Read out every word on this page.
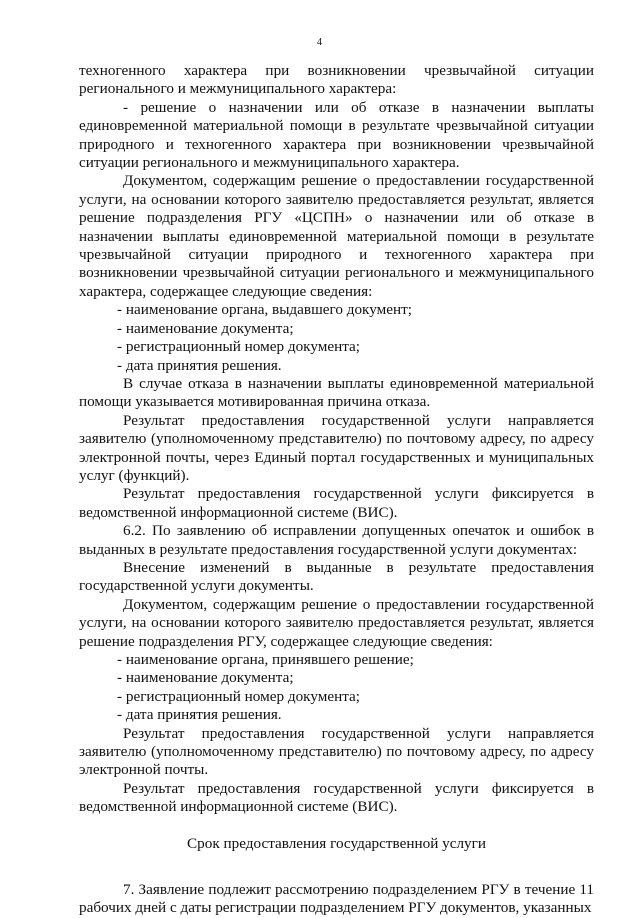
4

техногенного характера при возникновении чрезвычайной ситуации регионального и межмуниципального характера:

- решение о назначении или об отказе в назначении выплаты единовременной материальной помощи в результате чрезвычайной ситуации природного и техногенного характера при возникновении чрезвычайной ситуации регионального и межмуниципального характера.

Документом, содержащим решение о предоставлении государственной услуги, на основании которого заявителю предоставляется результат, является решение подразделения РГУ «ЦСПН» о назначении или об отказе в назначении выплаты единовременной материальной помощи в результате чрезвычайной ситуации природного и техногенного характера при возникновении чрезвычайной ситуации регионального и межмуниципального характера, содержащее следующие сведения:

- наименование органа, выдавшего документ;

- наименование документа;

- регистрационный номер документа;

- дата принятия решения.

В случае отказа в назначении выплаты единовременной материальной помощи указывается мотивированная причина отказа.

Результат предоставления государственной услуги направляется заявителю (уполномоченному представителю) по почтовому адресу, по адресу электронной почты, через Единый портал государственных и муниципальных услуг (функций).

Результат предоставления государственной услуги фиксируется в ведомственной информационной системе (ВИС).

6.2. По заявлению об исправлении допущенных опечаток и ошибок в выданных в результате предоставления государственной услуги документах:

Внесение изменений в выданные в результате предоставления государственной услуги документы.

Документом, содержащим решение о предоставлении государственной услуги, на основании которого заявителю предоставляется результат, является решение подразделения РГУ, содержащее следующие сведения:

- наименование органа, принявшего решение;

- наименование документа;

- регистрационный номер документа;

- дата принятия решения.

Результат предоставления государственной услуги направляется заявителю (уполномоченному представителю) по почтовому адресу, по адресу электронной почты.

Результат предоставления государственной услуги фиксируется в ведомственной информационной системе (ВИС).

Срок предоставления государственной услуги

7. Заявление подлежит рассмотрению подразделением РГУ в течение 11 рабочих дней с даты регистрации подразделением РГУ документов, указанных
